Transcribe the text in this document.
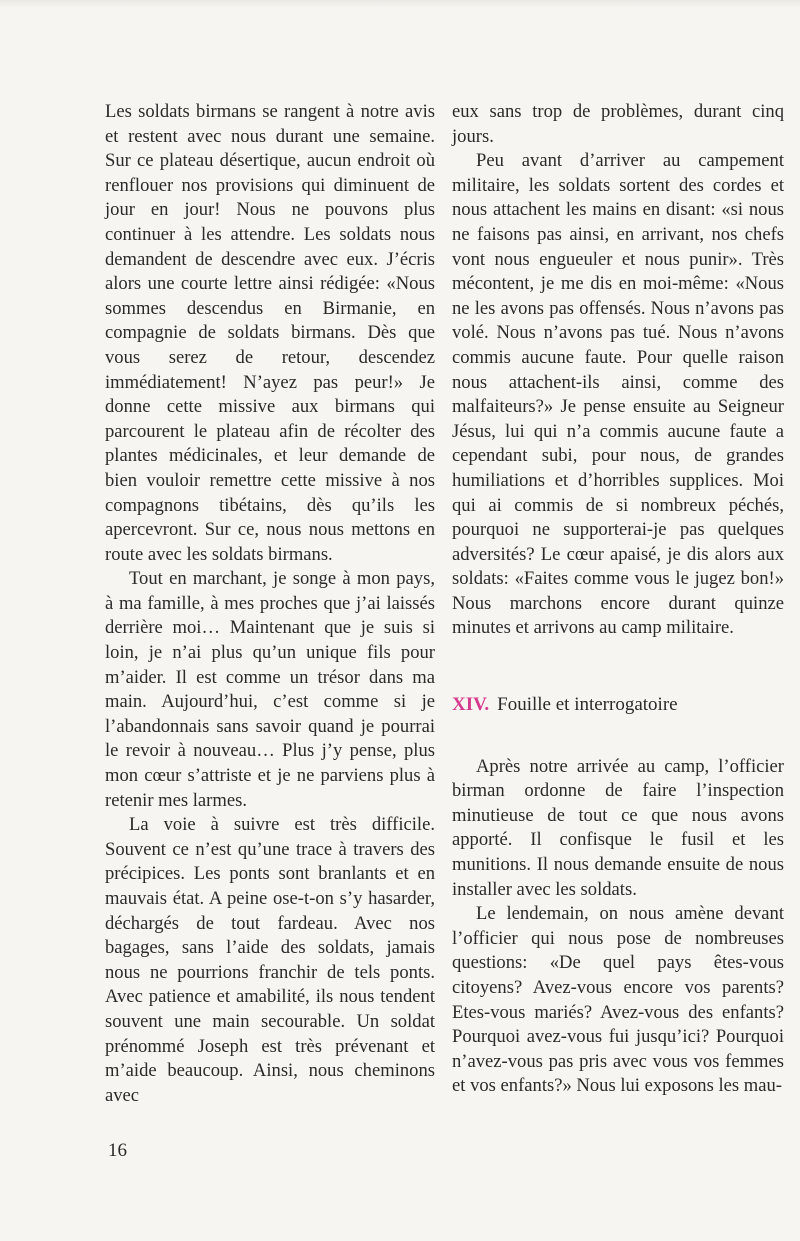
Les soldats birmans se rangent à notre avis et restent avec nous durant une semaine. Sur ce plateau désertique, aucun endroit où renflouer nos provisions qui diminuent de jour en jour! Nous ne pouvons plus continuer à les attendre. Les soldats nous demandent de descendre avec eux. J’écris alors une courte lettre ainsi rédigée: «Nous sommes descendus en Birmanie, en compagnie de soldats birmans. Dès que vous serez de retour, descendez immédiatement! N’ayez pas peur!» Je donne cette missive aux birmans qui parcourent le plateau afin de récolter des plantes médicinales, et leur demande de bien vouloir remettre cette missive à nos compagnons tibétains, dès qu’ils les apercevront. Sur ce, nous nous mettons en route avec les soldats birmans.

Tout en marchant, je songe à mon pays, à ma famille, à mes proches que j’ai laissés derrière moi… Maintenant que je suis si loin, je n’ai plus qu’un unique fils pour m’aider. Il est comme un trésor dans ma main. Aujourd’hui, c’est comme si je l’abandonnais sans savoir quand je pourrai le revoir à nouveau… Plus j’y pense, plus mon cœur s’attriste et je ne parviens plus à retenir mes larmes.

La voie à suivre est très difficile. Souvent ce n’est qu’une trace à travers des précipices. Les ponts sont branlants et en mauvais état. A peine ose-t-on s’y hasarder, déchargés de tout fardeau. Avec nos bagages, sans l’aide des soldats, jamais nous ne pourrions franchir de tels ponts. Avec patience et amabilité, ils nous tendent souvent une main secourable. Un soldat prénommé Joseph est très prévenant et m’aide beaucoup. Ainsi, nous cheminons avec

eux sans trop de problèmes, durant cinq jours.

Peu avant d’arriver au campement militaire, les soldats sortent des cordes et nous attachent les mains en disant: «si nous ne faisons pas ainsi, en arrivant, nos chefs vont nous engueuler et nous punir». Très mécontent, je me dis en moi-même: «Nous ne les avons pas offensés. Nous n’avons pas volé. Nous n’avons pas tué. Nous n’avons commis aucune faute. Pour quelle raison nous attachent-ils ainsi, comme des malfaiteurs?» Je pense ensuite au Seigneur Jésus, lui qui n’a commis aucune faute a cependant subi, pour nous, de grandes humiliations et d’horribles supplices. Moi qui ai commis de si nombreux péchés, pourquoi ne supporterai-je pas quelques adversités? Le cœur apaisé, je dis alors aux soldats: «Faites comme vous le jugez bon!» Nous marchons encore durant quinze minutes et arrivons au camp militaire.

XIV. Fouille et interrogatoire

Après notre arrivée au camp, l’officier birman ordonne de faire l’inspection minutieuse de tout ce que nous avons apporté. Il confisque le fusil et les munitions. Il nous demande ensuite de nous installer avec les soldats.

Le lendemain, on nous amène devant l’officier qui nous pose de nombreuses questions: «De quel pays êtes-vous citoyens? Avez-vous encore vos parents? Etes-vous mariés? Avez-vous des enfants? Pourquoi avez-vous fui jusqu’ici? Pourquoi n’avez-vous pas pris avec vous vos femmes et vos enfants?» Nous lui exposons les mau-

16
